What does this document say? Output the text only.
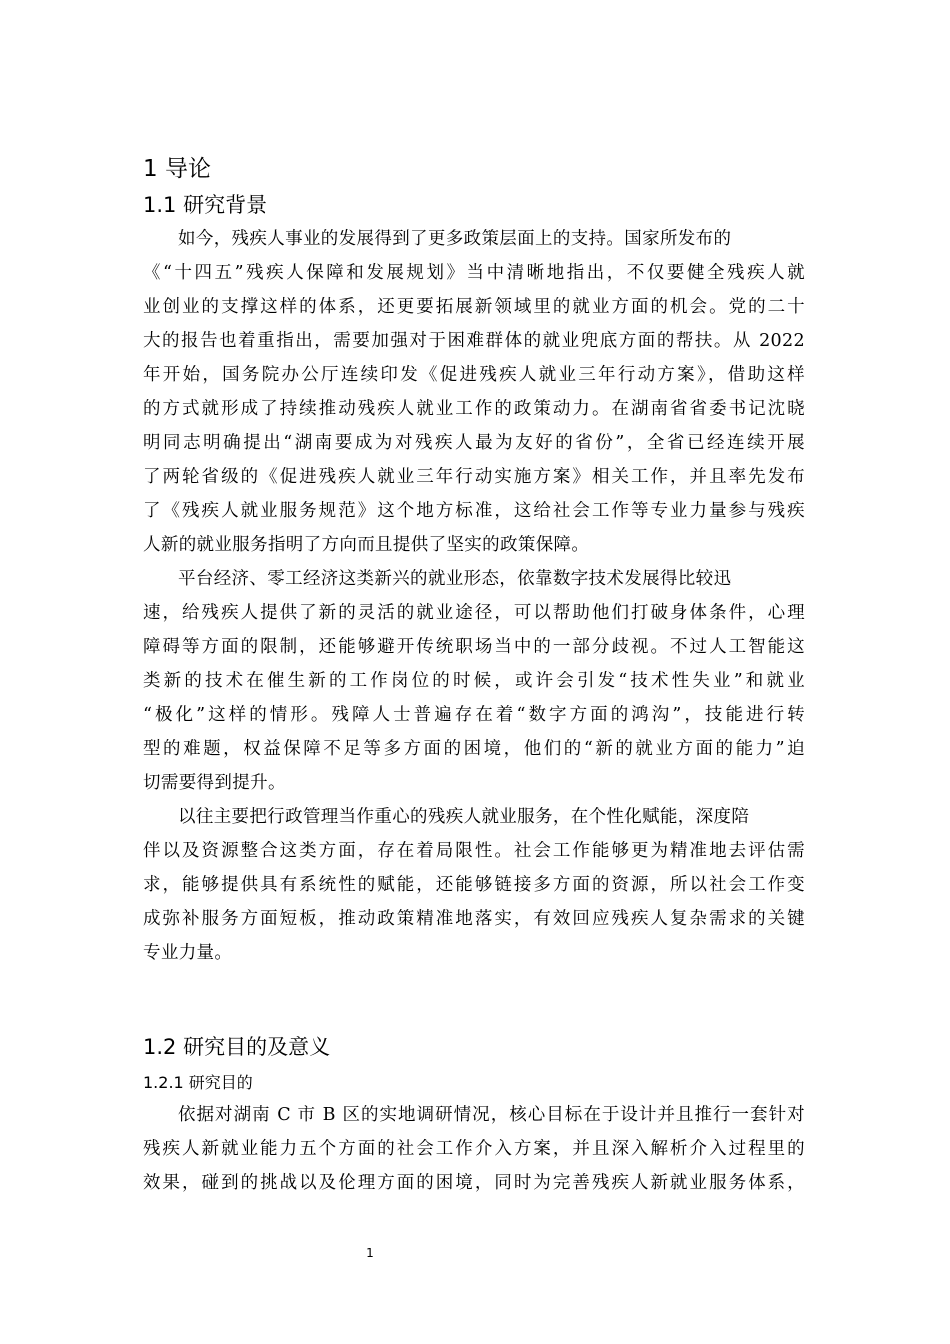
1 导论
1.1 研究背景
如今，残疾人事业的发展得到了更多政策层面上的支持。国家所发布的
《“十四五”残疾人保障和发展规划》当中清晰地指出，不仅要健全残疾人就
业创业的支撑这样的体系，还更要拓展新领域里的就业方面的机会。党的二十
大的报告也着重指出，需要加强对于困难群体的就业兜底方面的帮扶。从 2022
年开始，国务院办公厅连续印发《促进残疾人就业三年行动方案》，借助这样
的方式就形成了持续推动残疾人就业工作的政策动力。在湖南省省委书记沈晓
明同志明确提出“湖南要成为对残疾人最为友好的省份”，全省已经连续开展
了两轮省级的《促进残疾人就业三年行动实施方案》相关工作，并且率先发布
了《残疾人就业服务规范》这个地方标准，这给社会工作等专业力量参与残疾
人新的就业服务指明了方向而且提供了坚实的政策保障。
平台经济、零工经济这类新兴的就业形态，依靠数字技术发展得比较迅
速，给残疾人提供了新的灵活的就业途径，可以帮助他们打破身体条件，心理
障碍等方面的限制，还能够避开传统职场当中的一部分歧视。不过人工智能这
类新的技术在催生新的工作岗位的时候，或许会引发“技术性失业”和就业
“极化”这样的情形。残障人士普遍存在着“数字方面的鸿沟”，技能进行转
型的难题，权益保障不足等多方面的困境，他们的“新的就业方面的能力”迫
切需要得到提升。
以往主要把行政管理当作重心的残疾人就业服务，在个性化赋能，深度陪
伴以及资源整合这类方面，存在着局限性。社会工作能够更为精准地去评估需
求，能够提供具有系统性的赋能，还能够链接多方面的资源，所以社会工作变
成弥补服务方面短板，推动政策精准地落实，有效回应残疾人复杂需求的关键
专业力量。
1.2 研究目的及意义
1.2.1 研究目的
依据对湖南 C 市 B 区的实地调研情况，核心目标在于设计并且推行一套针对
残疾人新就业能力五个方面的社会工作介入方案，并且深入解析介入过程里的
效果，碰到的挑战以及伦理方面的困境，同时为完善残疾人新就业服务体系，
1
